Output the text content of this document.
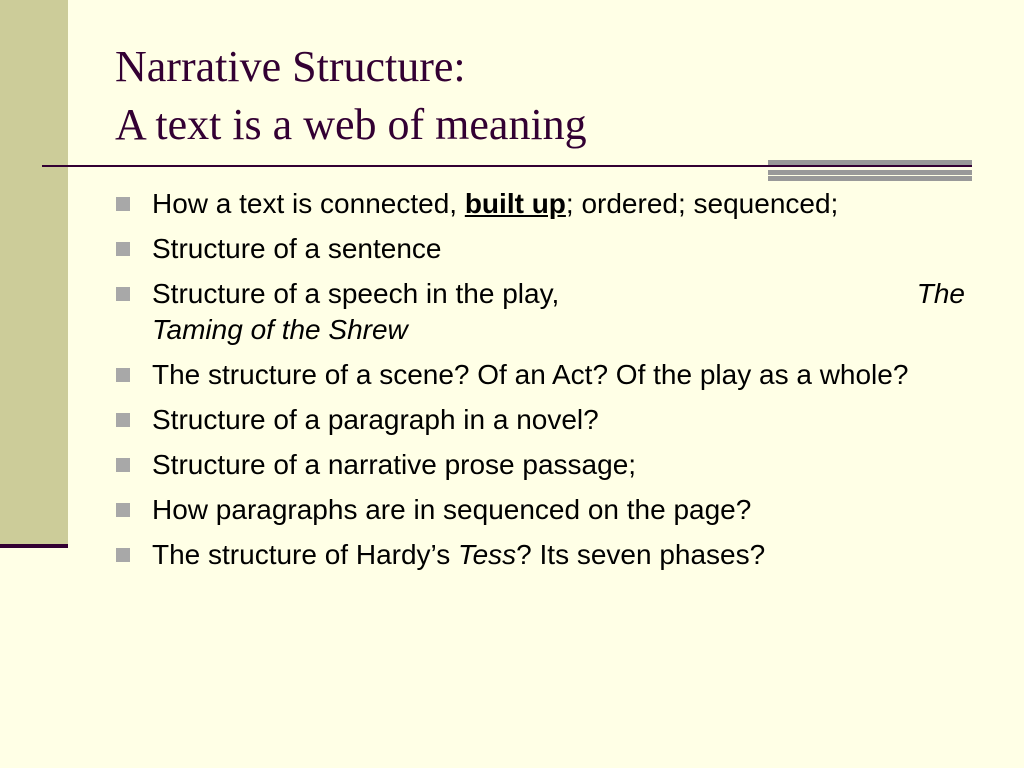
Narrative Structure:
A text is a web of meaning
How a text is connected, built up; ordered; sequenced;
Structure of a sentence
Structure of a speech in the play,	The

Taming of the Shrew
The structure of a scene? Of an Act? Of the play as a whole?
Structure of a paragraph in a novel?
Structure of a narrative prose passage;
How paragraphs are in sequenced on the page?
The structure of Hardy’s Tess? Its seven phases?
